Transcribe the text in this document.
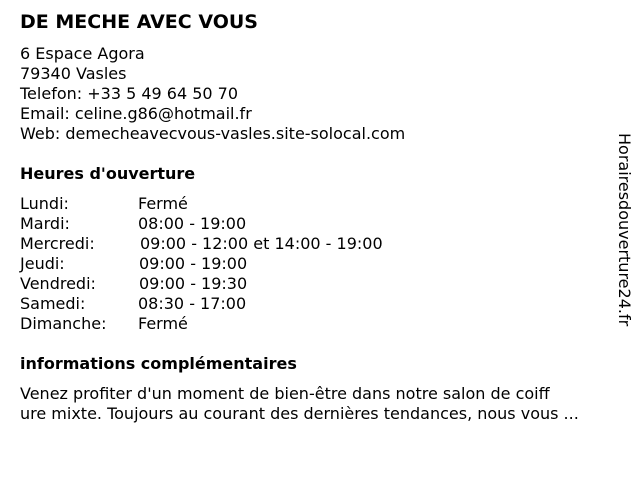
DE MECHE AVEC VOUS
6 Espace Agora
79340 Vasles
Telefon: +33 5 49 64 50 70
Email: celine.g86@hotmail.fr
Web: demecheavecvous-vasles.site-solocal.com
Heures d'ouverture
Lundi:	Fermé
Mardi:	08:00 - 19:00
Mercredi:	09:00 - 12:00 et 14:00 - 19:00
Jeudi:	09:00 - 19:00
Vendredi:	09:00 - 19:30
Samedi:	08:30 - 17:00
Dimanche: Fermé
informations complémentaires
Venez profiter d'un moment de bien-être dans notre salon de coiff
ure mixte. Toujours au courant des dernières tendances, nous vous ...
Horairesdouverture24.fr
